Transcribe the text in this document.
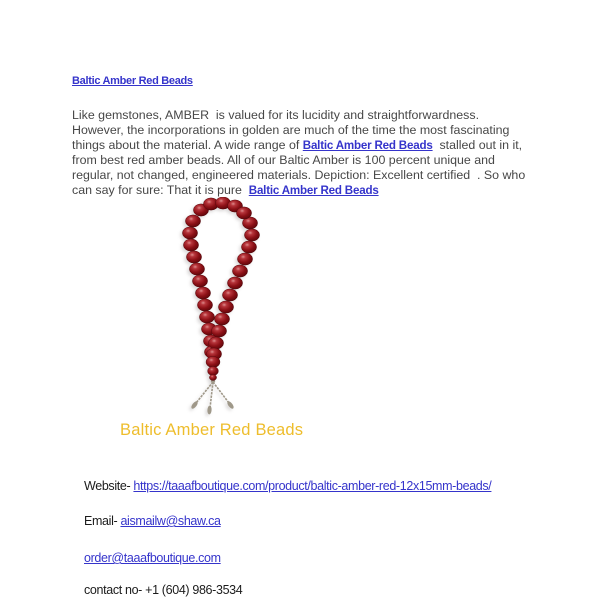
Baltic Amber Red Beads

Like gemstones, AMBER  is valued for its lucidity and straightforwardness. However, the incorporations in golden are much of the time the most fascinating things about the material. A wide range of Baltic Amber Red Beads  stalled out in it, from best red amber beads. All of our Baltic Amber is 100 percent unique and regular, not changed, engineered materials. Depiction: Excellent certified  . So who can say for sure: That it is pure  Baltic Amber Red Beads

Baltic Amber Red Beads
Website- https://taaafboutique.com/product/baltic-amber-red-12x15mm-beads/
Email- aismailw@shaw.ca
order@taaafboutique.com
contact no- +1 (604) 986-3534
